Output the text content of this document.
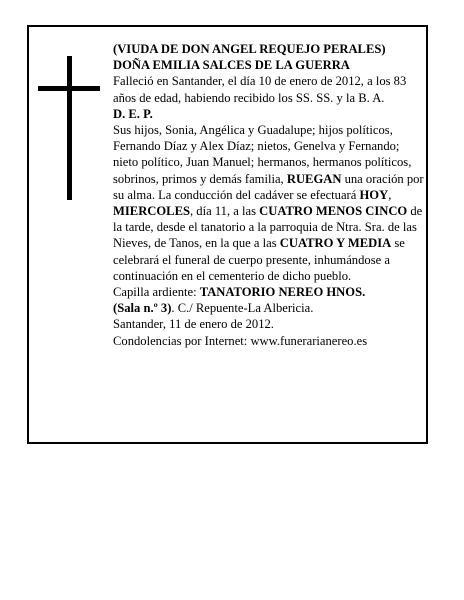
(VIUDA DE DON ANGEL REQUEJO PERALES)

DOÑA EMILIA SALCES DE LA GUERRA

Falleció en Santander, el día 10 de enero de 2012, a los 83 años de edad, habiendo recibido los SS. SS. y la B. A.

D. E. P.

Sus hijos, Sonia, Angélica y Guadalupe; hijos políticos, Fernando Díaz y Alex Díaz; nietos, Genelva y Fernando; nieto político, Juan Manuel; hermanos, hermanos políticos, sobrinos, primos y demás familia, RUEGAN una oración por su alma. La conducción del cadáver se efectuará HOY, MIERCOLES, día 11, a las CUATRO MENOS CINCO de la tarde, desde el tanatorio a la parroquia de Ntra. Sra. de las Nieves, de Tanos, en la que a las CUATRO Y MEDIA se celebrará el funeral de cuerpo presente, inhumándose a continuación en el cementerio de dicho pueblo.

Capilla ardiente: TANATORIO NEREO HNOS.

(Sala n.º 3). C./ Repuente-La Albericia.

Santander, 11 de enero de 2012.

Condolencias por Internet: www.funerarianereo.es
